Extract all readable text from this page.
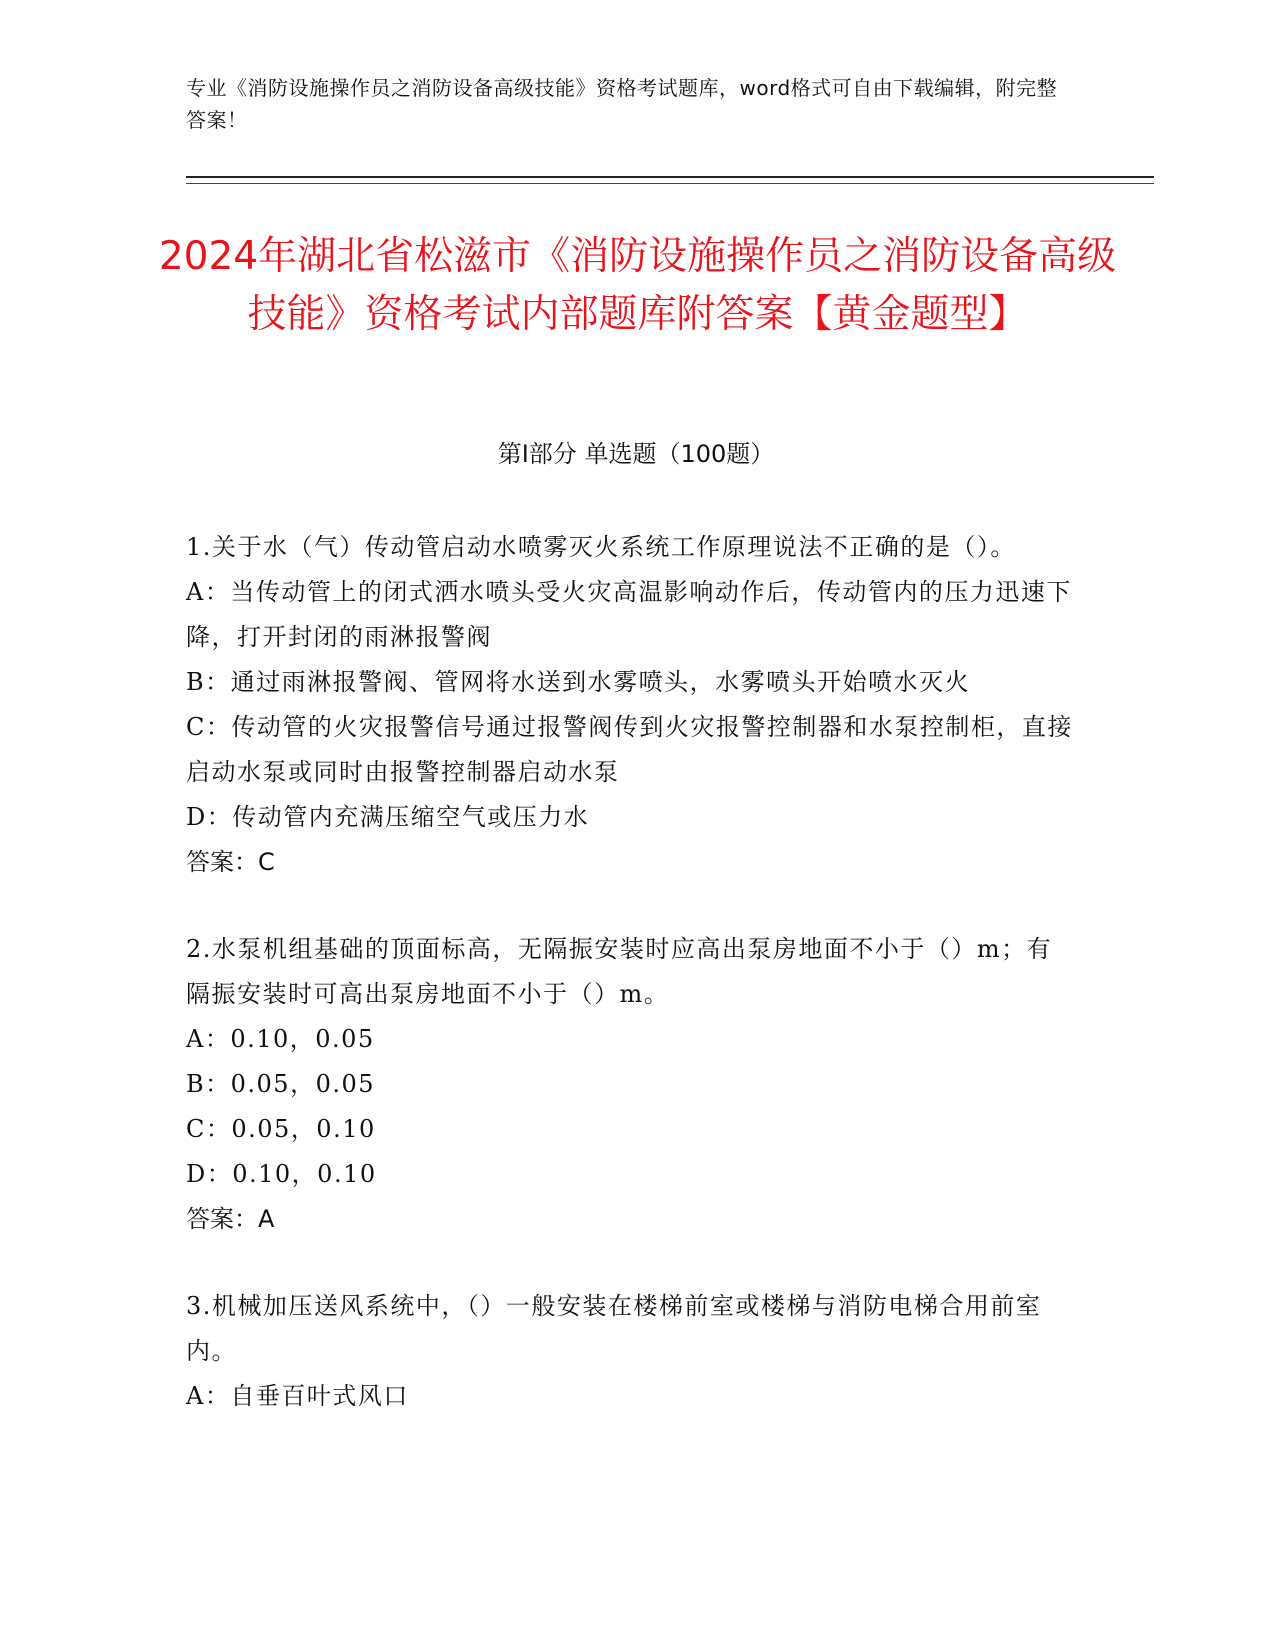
专业《消防设施操作员之消防设备高级技能》资格考试题库，word格式可自由下载编辑，附完整答案！
2024年湖北省松滋市《消防设施操作员之消防设备高级技能》资格考试内部题库附答案【黄金题型】
第I部分 单选题（100题）
1.关于水（气）传动管启动水喷雾灭火系统工作原理说法不正确的是（）。
A：当传动管上的闭式洒水喷头受火灾高温影响动作后，传动管内的压力迅速下降，打开封闭的雨淋报警阀
B：通过雨淋报警阀、管网将水送到水雾喷头，水雾喷头开始喷水灭火
C：传动管的火灾报警信号通过报警阀传到火灾报警控制器和水泵控制柜，直接启动水泵或同时由报警控制器启动水泵
D：传动管内充满压缩空气或压力水
答案：C
2.水泵机组基础的顶面标高，无隔振安装时应高出泵房地面不小于（）m；有隔振安装时可高出泵房地面不小于（）m。
A：0.10，0.05
B：0.05，0.05
C：0.05，0.10
D：0.10，0.10
答案：A
3.机械加压送风系统中，（）一般安装在楼梯前室或楼梯与消防电梯合用前室内。
A：自垂百叶式风口
